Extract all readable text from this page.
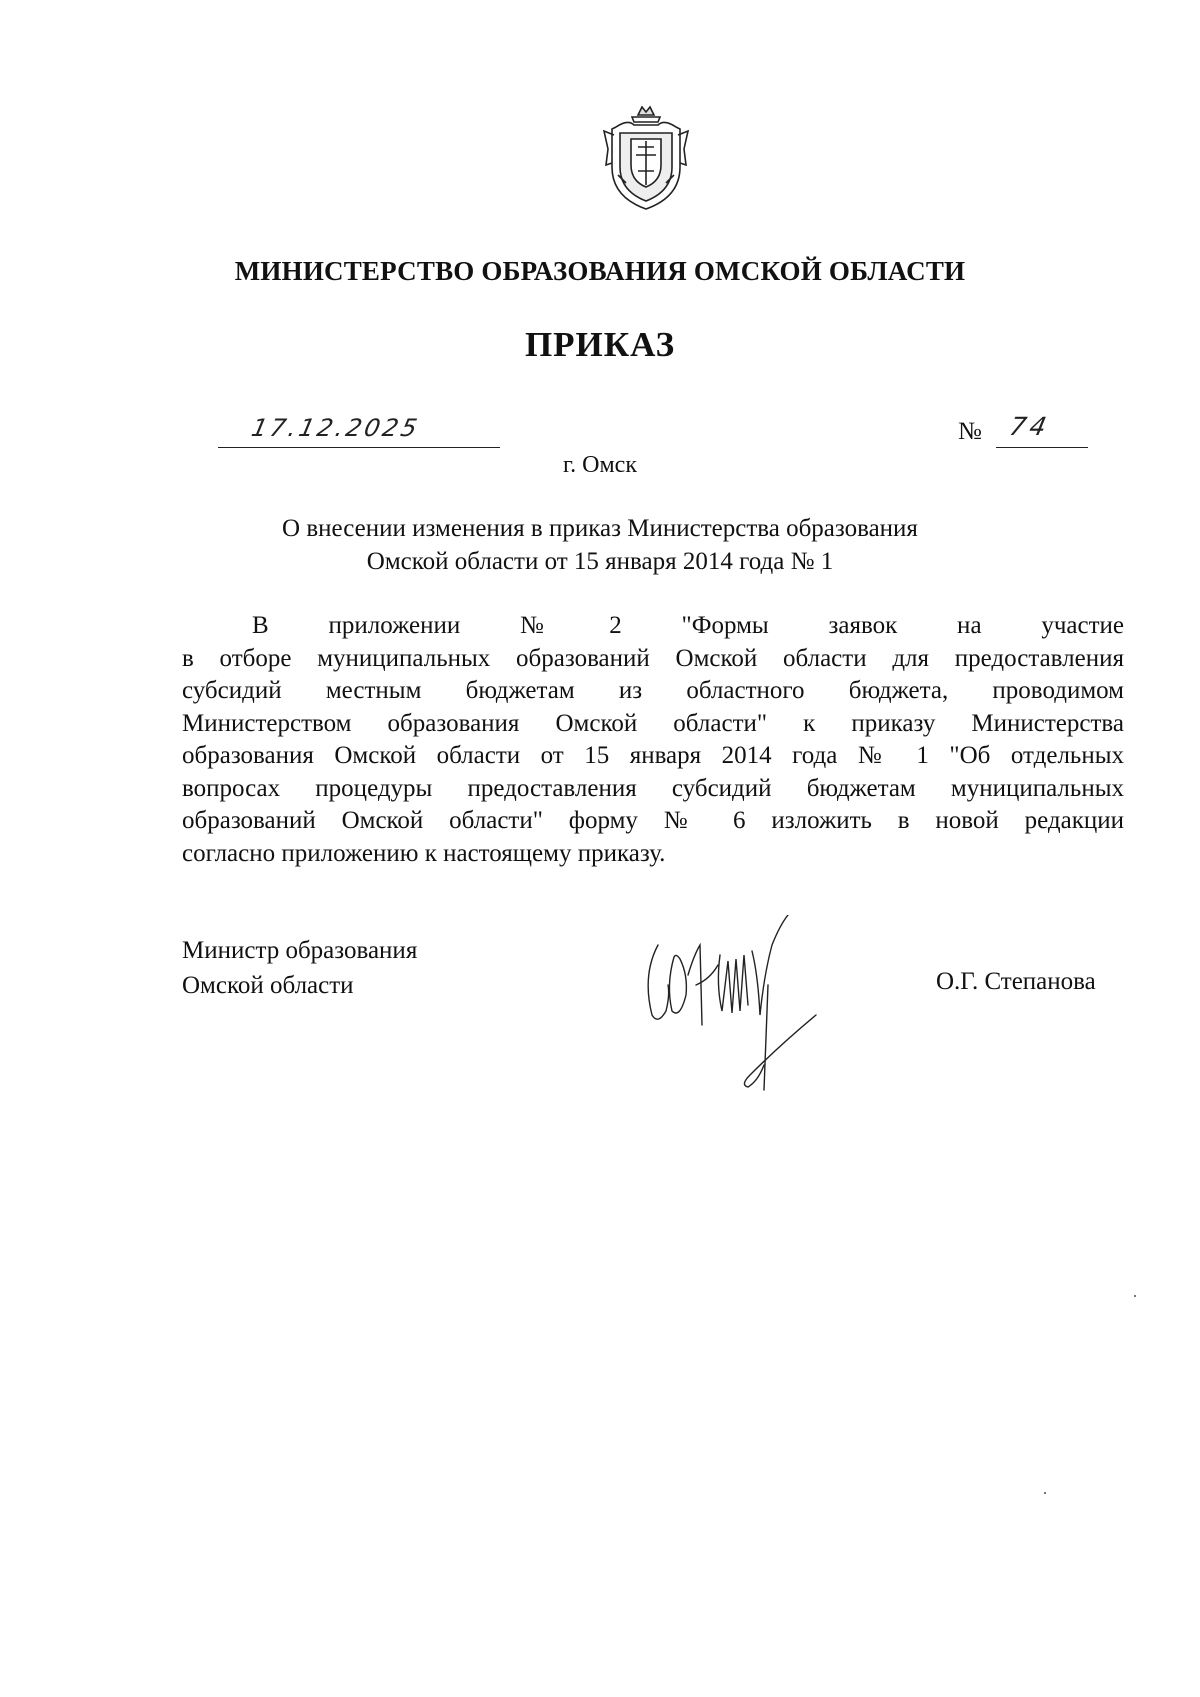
МИНИСТЕРСТВО ОБРАЗОВАНИЯ ОМСКОЙ ОБЛАСТИ
ПРИКАЗ
17.12.2025	№ 74
г. Омск
О внесении изменения в приказ Министерства образования
Омской области от 15 января 2014 года № 1
В приложении № 2 "Формы заявок на участие
в отборе муниципальных образований Омской области для предоставления
субсидий местным бюджетам из областного бюджета, проводимом
Министерством образования Омской области" к приказу Министерства
образования Омской области от 15 января 2014 года № 1 "Об отдельных
вопросах процедуры предоставления субсидий бюджетам муниципальных
образований Омской области" форму № 6 изложить в новой редакции
согласно приложению к настоящему приказу.
Министр образования
Омской области	О.Г. Степанова
